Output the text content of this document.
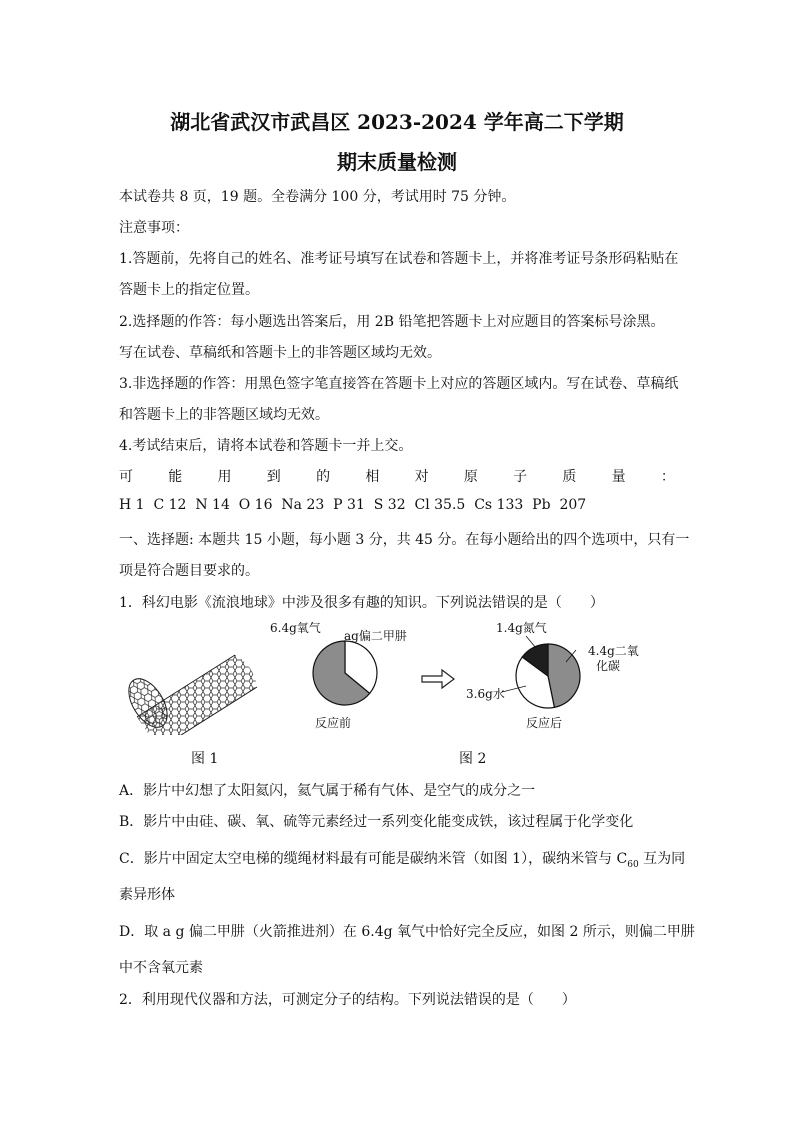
湖北省武汉市武昌区 2023-2024 学年高二下学期
期末质量检测
本试卷共 8 页，19 题。全卷满分 100 分，考试用时 75 分钟。
注意事项：
1.答题前，先将自己的姓名、准考证号填写在试卷和答题卡上，并将准考证号条形码粘贴在
答题卡上的指定位置。
2.选择题的作答：每小题选出答案后，用 2B 铅笔把答题卡上对应题目的答案标号涂黑。
写在试卷、草稿纸和答题卡上的非答题区域均无效。
3.非选择题的作答：用黑色签字笔直接答在答题卡上对应的答题区域内。写在试卷、草稿纸
和答题卡上的非答题区域均无效。
4.考试结束后，请将本试卷和答题卡一并上交。
可	能	用	到	的	相	对	原	子	质	量	：
H 1  C 12  N 14  O 16  Na 23  P 31  S 32  Cl 35.5  Cs 133  Pb  207
一、选择题: 本题共 15 小题，每小题 3 分，共 45 分。在每小题给出的四个选项中，只有一
项是符合题目要求的。
1．科幻电影《流浪地球》中涉及很多有趣的知识。下列说法错误的是（　　）
6.4g氧气
ag偏二甲肼
反应前
1.4g氮气
4.4g二氧
化碳
3.6g水
反应后
图 1	图 2
A．影片中幻想了太阳氦闪，氦气属于稀有气体、是空气的成分之一
B．影片中由硅、碳、氧、硫等元素经过一系列变化能变成铁，该过程属于化学变化
C．影片中固定太空电梯的缆绳材料最有可能是碳纳米管（如图 1），碳纳米管与 $C_{60}$ 互为同
素异形体
D．取 a g 偏二甲肼（火箭推进剂）在 6.4g 氧气中恰好完全反应，如图 2 所示，则偏二甲肼
中不含氧元素
2．利用现代仪器和方法，可测定分子的结构。下列说法错误的是（　　）
